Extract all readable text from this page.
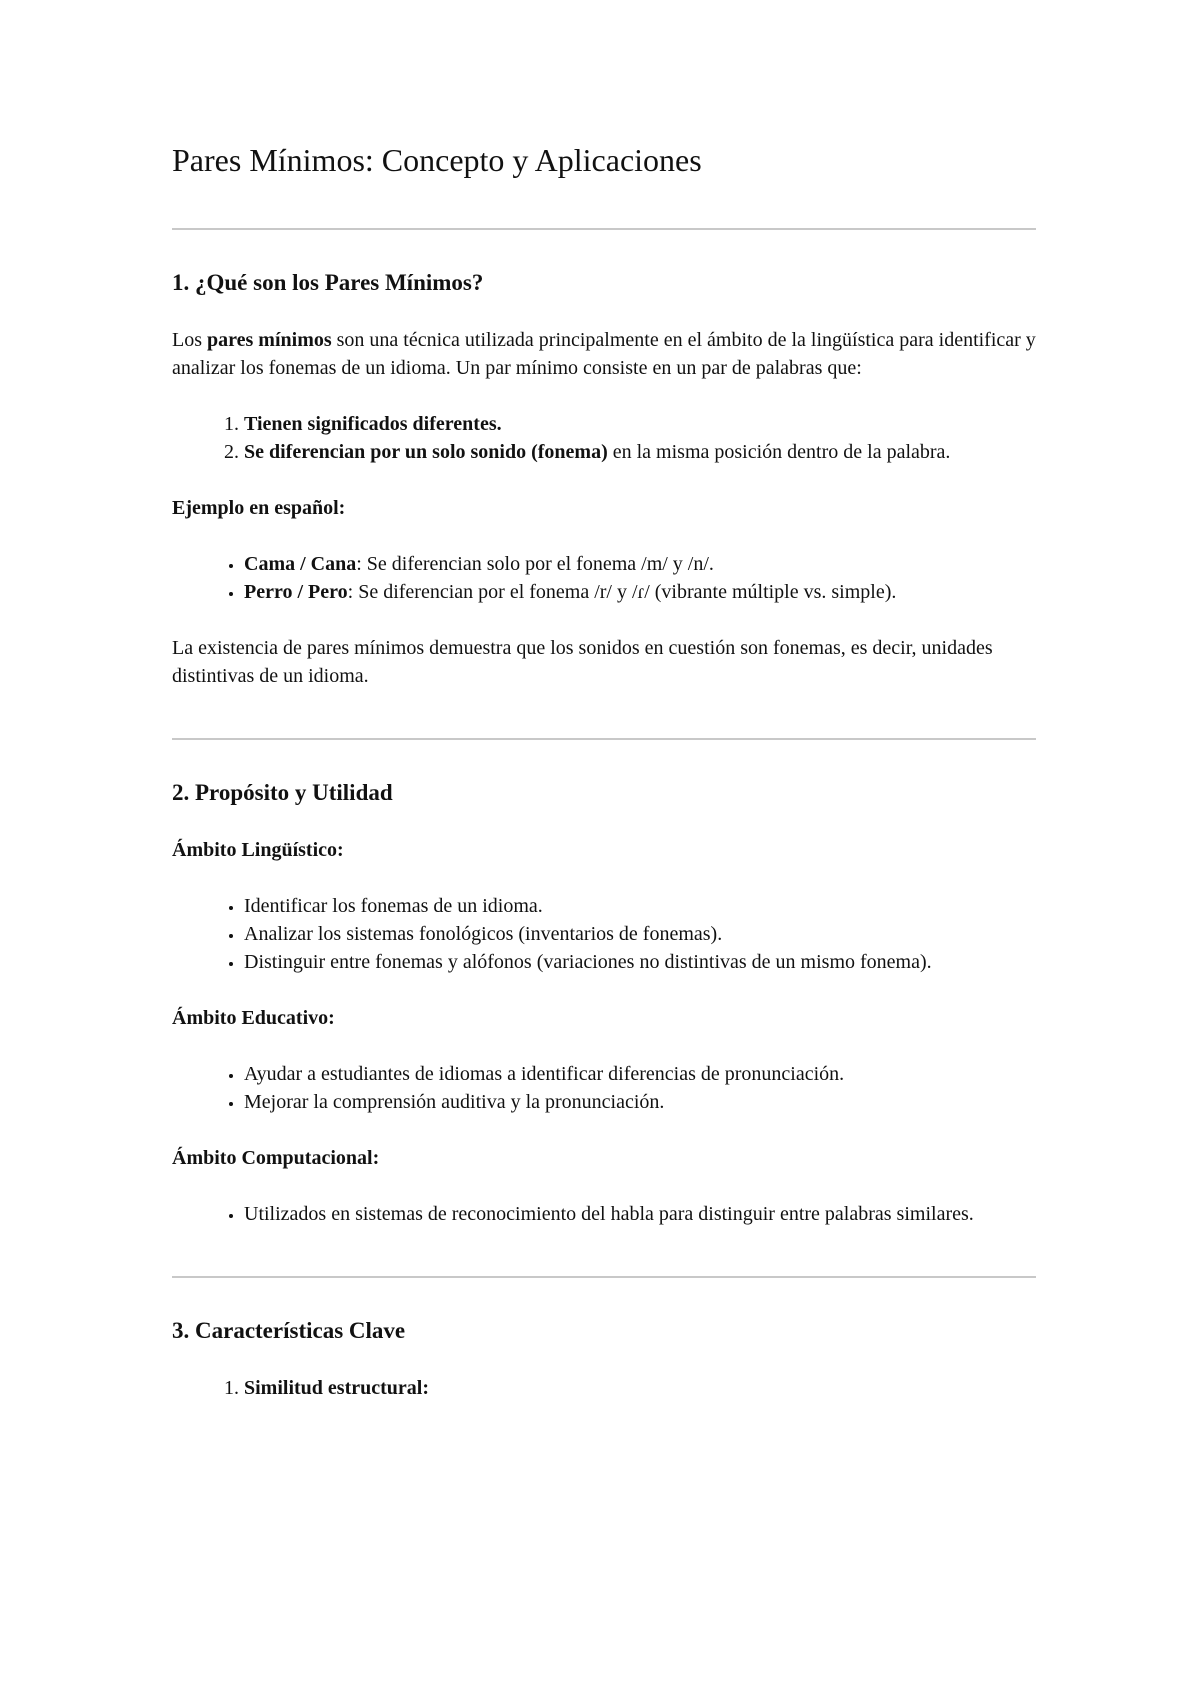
Pares Mínimos: Concepto y Aplicaciones
1. ¿Qué son los Pares Mínimos?

Los pares mínimos son una técnica utilizada principalmente en el ámbito de la lingüística para identificar y analizar los fonemas de un idioma. Un par mínimo consiste en un par de palabras que:

1. Tienen significados diferentes.
2. Se diferencian por un solo sonido (fonema) en la misma posición dentro de la palabra.

Ejemplo en español:

• Cama / Cana: Se diferencian solo por el fonema /m/ y /n/.
• Perro / Pero: Se diferencian por el fonema /r/ y /ɾ/ (vibrante múltiple vs. simple).

La existencia de pares mínimos demuestra que los sonidos en cuestión son fonemas, es decir, unidades distintivas de un idioma.

2. Propósito y Utilidad

Ámbito Lingüístico:

• Identificar los fonemas de un idioma.
• Analizar los sistemas fonológicos (inventarios de fonemas).
• Distinguir entre fonemas y alófonos (variaciones no distintivas de un mismo fonema).

Ámbito Educativo:

• Ayudar a estudiantes de idiomas a identificar diferencias de pronunciación.
• Mejorar la comprensión auditiva y la pronunciación.

Ámbito Computacional:

• Utilizados en sistemas de reconocimiento del habla para distinguir entre palabras similares.
3. Características Clave
1. Similitud estructural:
